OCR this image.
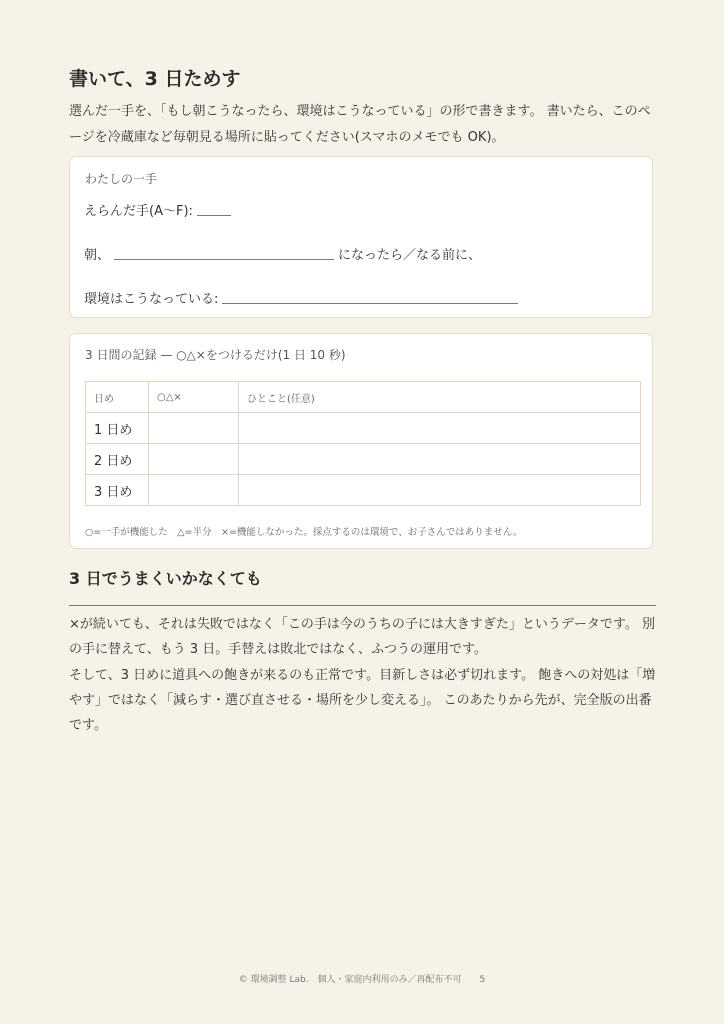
書いて、3 日ためす

選んだ一手を、「もし朝こうなったら、環境はこうなっている」の形で書きます。 書いたら、このページを冷蔵庫など毎朝見る場所に貼ってください(スマホのメモでも OK)。

わたしの一手
えらんだ手(A〜F):
朝、	になったら／なる前に、
環境はこうなっている:
3 日間の記録 — ○△×をつけるだけ(1 日 10 秒)
日め	○△×	ひとこと(任意)
1 日め		
2 日め		
3 日め		
○=一手が機能した　△=半分　×=機能しなかった。採点するのは環境で、お子さんではありません。
3 日でうまくいかなくても

×が続いても、それは失敗ではなく「この手は今のうちの子には大きすぎた」というデータです。 別の手に替えて、もう 3 日。手替えは敗北ではなく、ふつうの運用です。

そして、3 日めに道具への飽きが来るのも正常です。目新しさは必ず切れます。 飽きへの対処は「増やす」ではなく「減らす・選び直させる・場所を少し変える」。 このあたりから先が、完全版の出番です。

© 環境調整 Lab.　個人・家庭内利用のみ／再配布不可　　5
